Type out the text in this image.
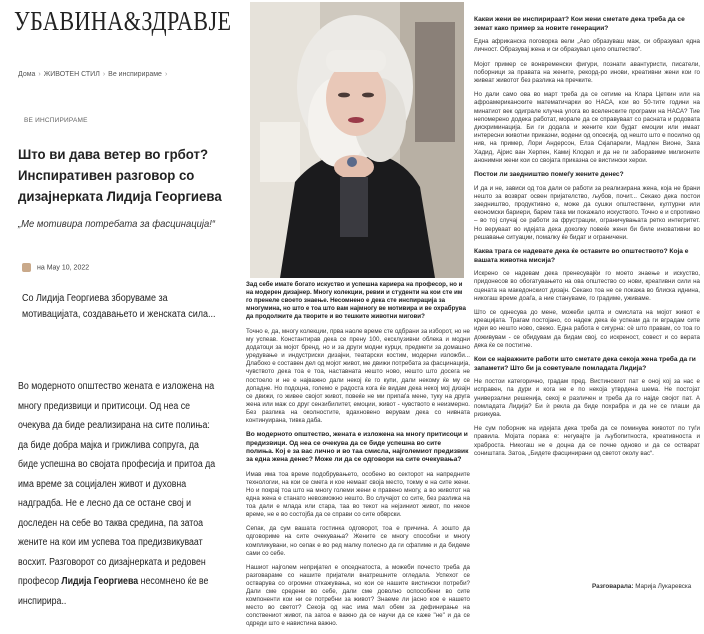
УБАВИНА&ЗДРАВЈЕ
Дома › ЖИВОТЕН СТИЛ › Ве инспирираме ›
ВЕ ИНСПИРИРАМЕ
Што ви дава ветер во грбот? Инспиративен разговор со дизајнерката Лидија Георгиева
„Ме мотивира потребата за фасцинација!“
на May 10, 2022
Со Лидија Георгиева зборуваме за мотивацијата, создавањето и женската сила...

Во модерното општество жената е изложена на многу предизвици и притисоци. Од неа се очекува да биде реализирана на сите полиња: да биде добра мајка и грижлива сопруга, да биде успешна во својата професија и притоа да има време за социјален живот и духовна надградба. Не е лесно да се остане свој и доследен на себе во таква средина, па затоа жените на кои им успева тоа предизвикуваат восхит. Разговорот со дизајнерката и редовен професор Лидија Георгиева несомнено ќе ве инспирира..

Зад себе имате богато искуство и успешна кариера на професор, но и на модерен дизајнер. Многу колекции, ревии и студенти на кои сте им го пренеле своето знаење. Несомнено е дека сте инспирација за многумина, но што е тоа што вам најмногу ве мотивира и ве охрабрува да продолжите да творите и во тешките животни мигови?

Точно е, да, многу колекции, прва наоле време сте одбрани за изборот, но не му успеав. Константирав дека се прену 100, ексклузивни облека и модни додатоци за мојот бренд, но и за други модни курци, предмети за домашно уредување и индустриски дизајни, театарски костим, модерни изложби... Длабоко е составен дел од мојот живот, ме движи потребата за фасцинација, чувството дека тоа е тоа, наставната нешто ново, нешто што досега не постоело и не е најважно дали некој ќе го купи, дали некому ќе му се допадне. Но подоцна, големо е радоста кога ќе видам дека некој мој дизајн се движи, го живее својот живот, повеќе не ми припаѓа мене, туку на друга жена или маж со друг сензибилитет, емоции, живот - чувството е неизмерно. Без разлика на околностите, вдахновено верувам дека со нивната континуирана, тивка даба.

Во модерното општество, жената е изложена на многу притисоци и предизвици. Од неа се очекува да се биде успешна во сите полиња. Кој е за вас лично и во таа смисла, најголемиот предизвик за една жена денес? Може ли да се одговори на сите очекувања?

Имав има тоа време подобрувањето, особено во секторот на напредните технологии, на кои се смета и кое немаат своја место, токму е на сите жени. Но и покрај тоа што на многу големи жени е правено многу, а во животот на една жена е станато невозможно нешто. Во случајот со сите, без разлика на тоа дали е млада или стара, таа во текот на нејзиниот живот, по некое време, не е во состојба да се справи со сите обврски.

Сепак, да сум вашата гостинка одговорот, тоа е причина. А зошто да одговориме на сите очекувања? Жените се многу способни и многу компликувани, но сепак е во ред малку полесно да ги сфатиме и да бидеме сами со себе.

Нашиот најголем непријател е опседнатоста, а можеби почесто треба да разговараме со нашите пријатели внатрешните огледала. Успехот се остварува со огромни откажувања, но кои се нашите вистински потреби? Дали сме средени во себе, дали сме доволно оспособени во сите компоненти кои ни се потребни за живот? Знаеме ли јасно кое е нашето место во светот? Секоја од нас има мал обем за дефинирање на сопствениот живот, па затоа е важно да се научи да се каже "не" и да се одреди што е навистина важно.

Какви жени ве инспирираат? Кои жени сметате дека треба да се земат како пример за новите генерации?

Една африканска поговорка вели „Ако образуваш маж, си образувал една личност. Образувај жена и си образувал цело општество“.

Мојот пример се вонвременски фигури, познати авантуристи, писатели, поборници за правата на жените, рекорд-ро инови, креативни жени кои го живеат животот без разлика на пречките.

Но дали само ова во март треба да се сетиме на Клара Цеткин или на афроамериканските математичарки во НАСА, кои во 50-тите години на минатиот век одиграле клучна улога во вселенските програми на НАСА? Тие непомерено додека работат, морале да се справуваат со расната и родовата дискриминација. Би ги додала и жените кои будат емоции или имаат интересни животни приказни, водени од опсесија, од нешто што е посилно од нив, на пример, Лори Андерсон, Елза Скјапарели, Мадлен Вионе, Заха Хадид, Ајрис ван Херпен, Камиј Клодел и да не ги заборавиме милионите анонимни жени кои со својата приказна се вистински херои.

Постои ли заедништво помеѓу жените денес?

И да и не, зависи од тоа дали се работи за реализирана жена, која не брани нешто за возврат освен пријателство, љубов, почит... Секако дека постои заедништво, продуктивно е, може да сушки општествени, културни или економски бариери, барем така ми покажало искуството. Точно е и спротивно – во тој случај се работи за фрустрации, ограничувањата ретко интегритет. Но веруваат во идејата дека доколку повеќе жени би биле иновативни во решавање ситуации, помалку ќе бидат и ограничени.

Каква трага се надевате дека ќе оставите во општеството? Која е вашата животна мисија?

Искрено се надевам дека пренесувајќи го моето знаење и искуство, придонесов во обогатувањето на ова општество со нови, креативни сили на сцената на македонскиот дизајн. Секако тоа не се покажа во блиска иднина, никогаш време доаѓа, а ние стануваме, го градиме, уживаме.

Што сe однесува до мене, можеби целта и смислата на мојот живот е креацијата. Трагам постојано, со надеж дека ќе успеам да ги вградам сите идеи во нешто ново, свежо. Една работа е сигурна: сè што правам, со тоа го доживувам - се обидувам да бидам свој, со искреност, совест и со верата дека ќе се постигне.

Кои се најважните работи што сметате дека секоја жена треба да ги запамети? Што би ја советувале помладата Лидија?

Не постои категорично, градам пред. Вистинскиот пат е оној кој за нас е исправен, па дури и кога не е по некоја утврдена шема. Не постојат универзални решенија, секој е различен и треба да го најде својот пат. А помладата Лидија? Би ѝ рекла да биде похрабра и да не се плаши да ризикува.

Не сум поборник на идејата дека треба да се поминува животот по туѓи правила. Мојата порака е: негувајте ја љубопитноста, креативноста и храброста. Никогаш не е доцна да се почне одново и да се остварат соништата. Затоа, „Бидете фасцинирани од светот околу вас“.

Разговарала: Марија Лукаревска
